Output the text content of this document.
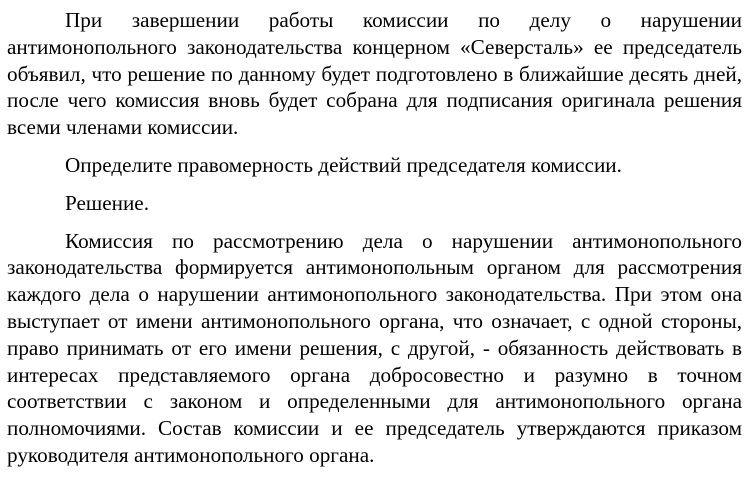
При завершении работы комиссии по делу о нарушении антимонопольного законодательства концерном «Северсталь» ее председатель объявил, что решение по данному будет подготовлено в ближайшие десять дней, после чего комиссия вновь будет собрана для подписания оригинала решения всеми членами комиссии.

Определите правомерность действий председателя комиссии.

Решение.

Комиссия по рассмотрению дела о нарушении антимонопольного законодательства формируется антимонопольным органом для рассмотрения каждого дела о нарушении антимонопольного законодательства. При этом она выступает от имени антимонопольного органа, что означает, с одной стороны, право принимать от его имени решения, с другой, - обязанность действовать в интересах представляемого органа добросовестно и разумно в точном соответствии с законом и определенными для антимонопольного органа полномочиями. Состав комиссии и ее председатель утверждаются приказом руководителя антимонопольного органа.
